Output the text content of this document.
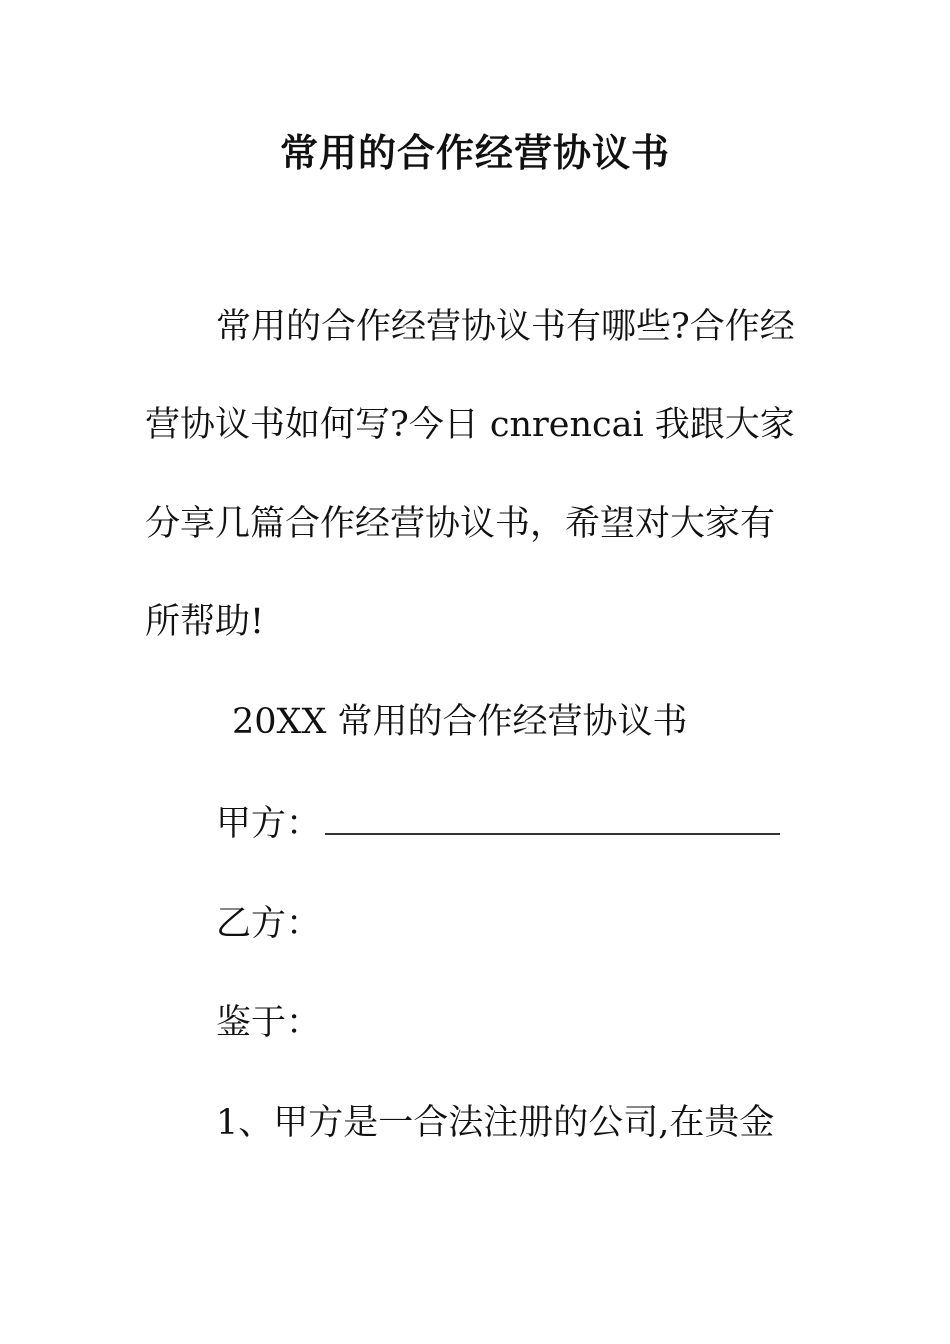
常用的合作经营协议书
常用的合作经营协议书有哪些?合作经
营协议书如何写?今日 cnrencai 我跟大家
分享几篇合作经营协议书，希望对大家有
所帮助!
20XX 常用的合作经营协议书
甲方：
乙方：
鉴于：
1、甲方是一合法注册的公司,在贵金
